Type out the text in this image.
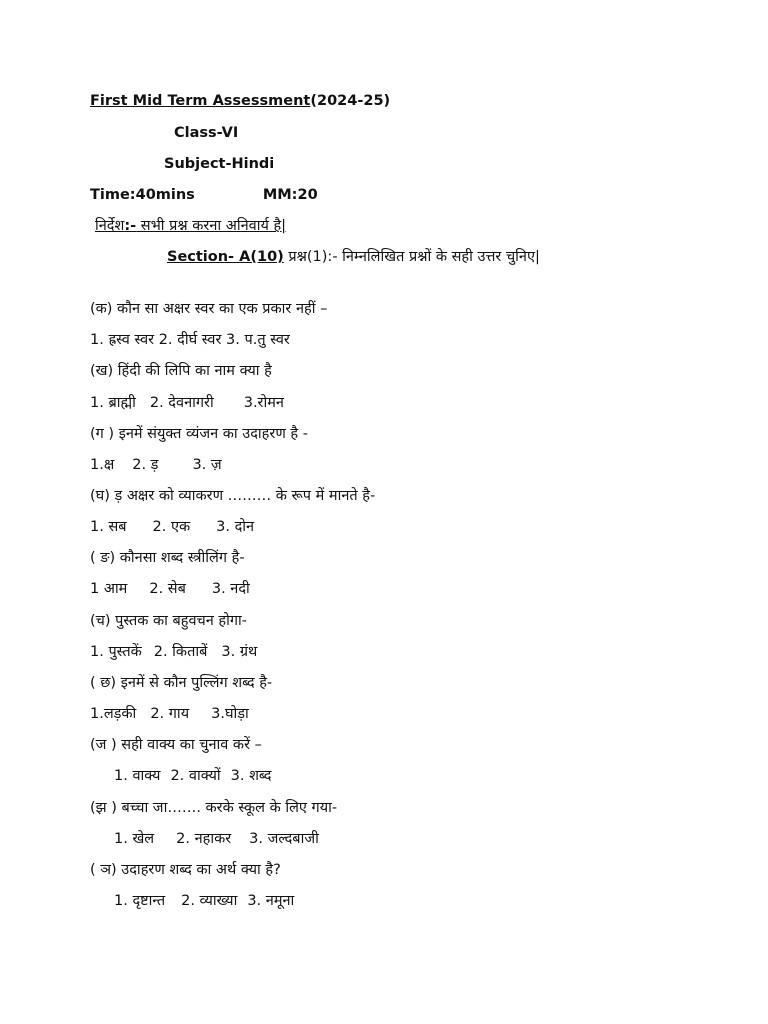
First Mid Term Assessment(2024-25)
Class-VI
Subject-Hindi
Time:40mins	MM:20
निर्देश:- सभी प्रश्न करना अनिवार्य है|
Section- A(10) प्रश्न(1):- निम्नलिखित प्रश्नों के सही उत्तर चुनिए|
(क) कौन सा अक्षर स्वर का एक प्रकार नहीं –
1. ह्रस्व स्वर 2. दीर्घ स्वर 3. प.तु स्वर
(ख) हिंदी की लिपि का नाम क्या है
1. ब्राह्मी 2. देवनागरी 3.रोमन
(ग ) इनमें संयुक्त व्यंजन का उदाहरण है -
1.क्ष 2. ड़ 3. ज़
(घ) ड़ अक्षर को व्याकरण ……… के रूप में मानते है-
1. सब 2. एक 3. दोन
( ङ) कौनसा शब्द स्त्रीलिंग है-
1 आम 2. सेब 3. नदी
(च) पुस्तक का बहुवचन होगा-
1. पुस्तकें 2. किताबें 3. ग्रंथ
( छ) इनमें से कौन पुल्लिंग शब्द है-
1.लड़की 2. गाय 3.घोड़ा
(ज ) सही वाक्य का चुनाव करें –
1. वाक्य 2. वाक्यों 3. शब्द
(झ ) बच्चा जा……. करके स्कूल के लिए गया-
1. खेल 2. नहाकर 3. जल्दबाजी
( ञ) उदाहरण शब्द का अर्थ क्या है?
1. दृष्टान्त 2. व्याख्या 3. नमूना
